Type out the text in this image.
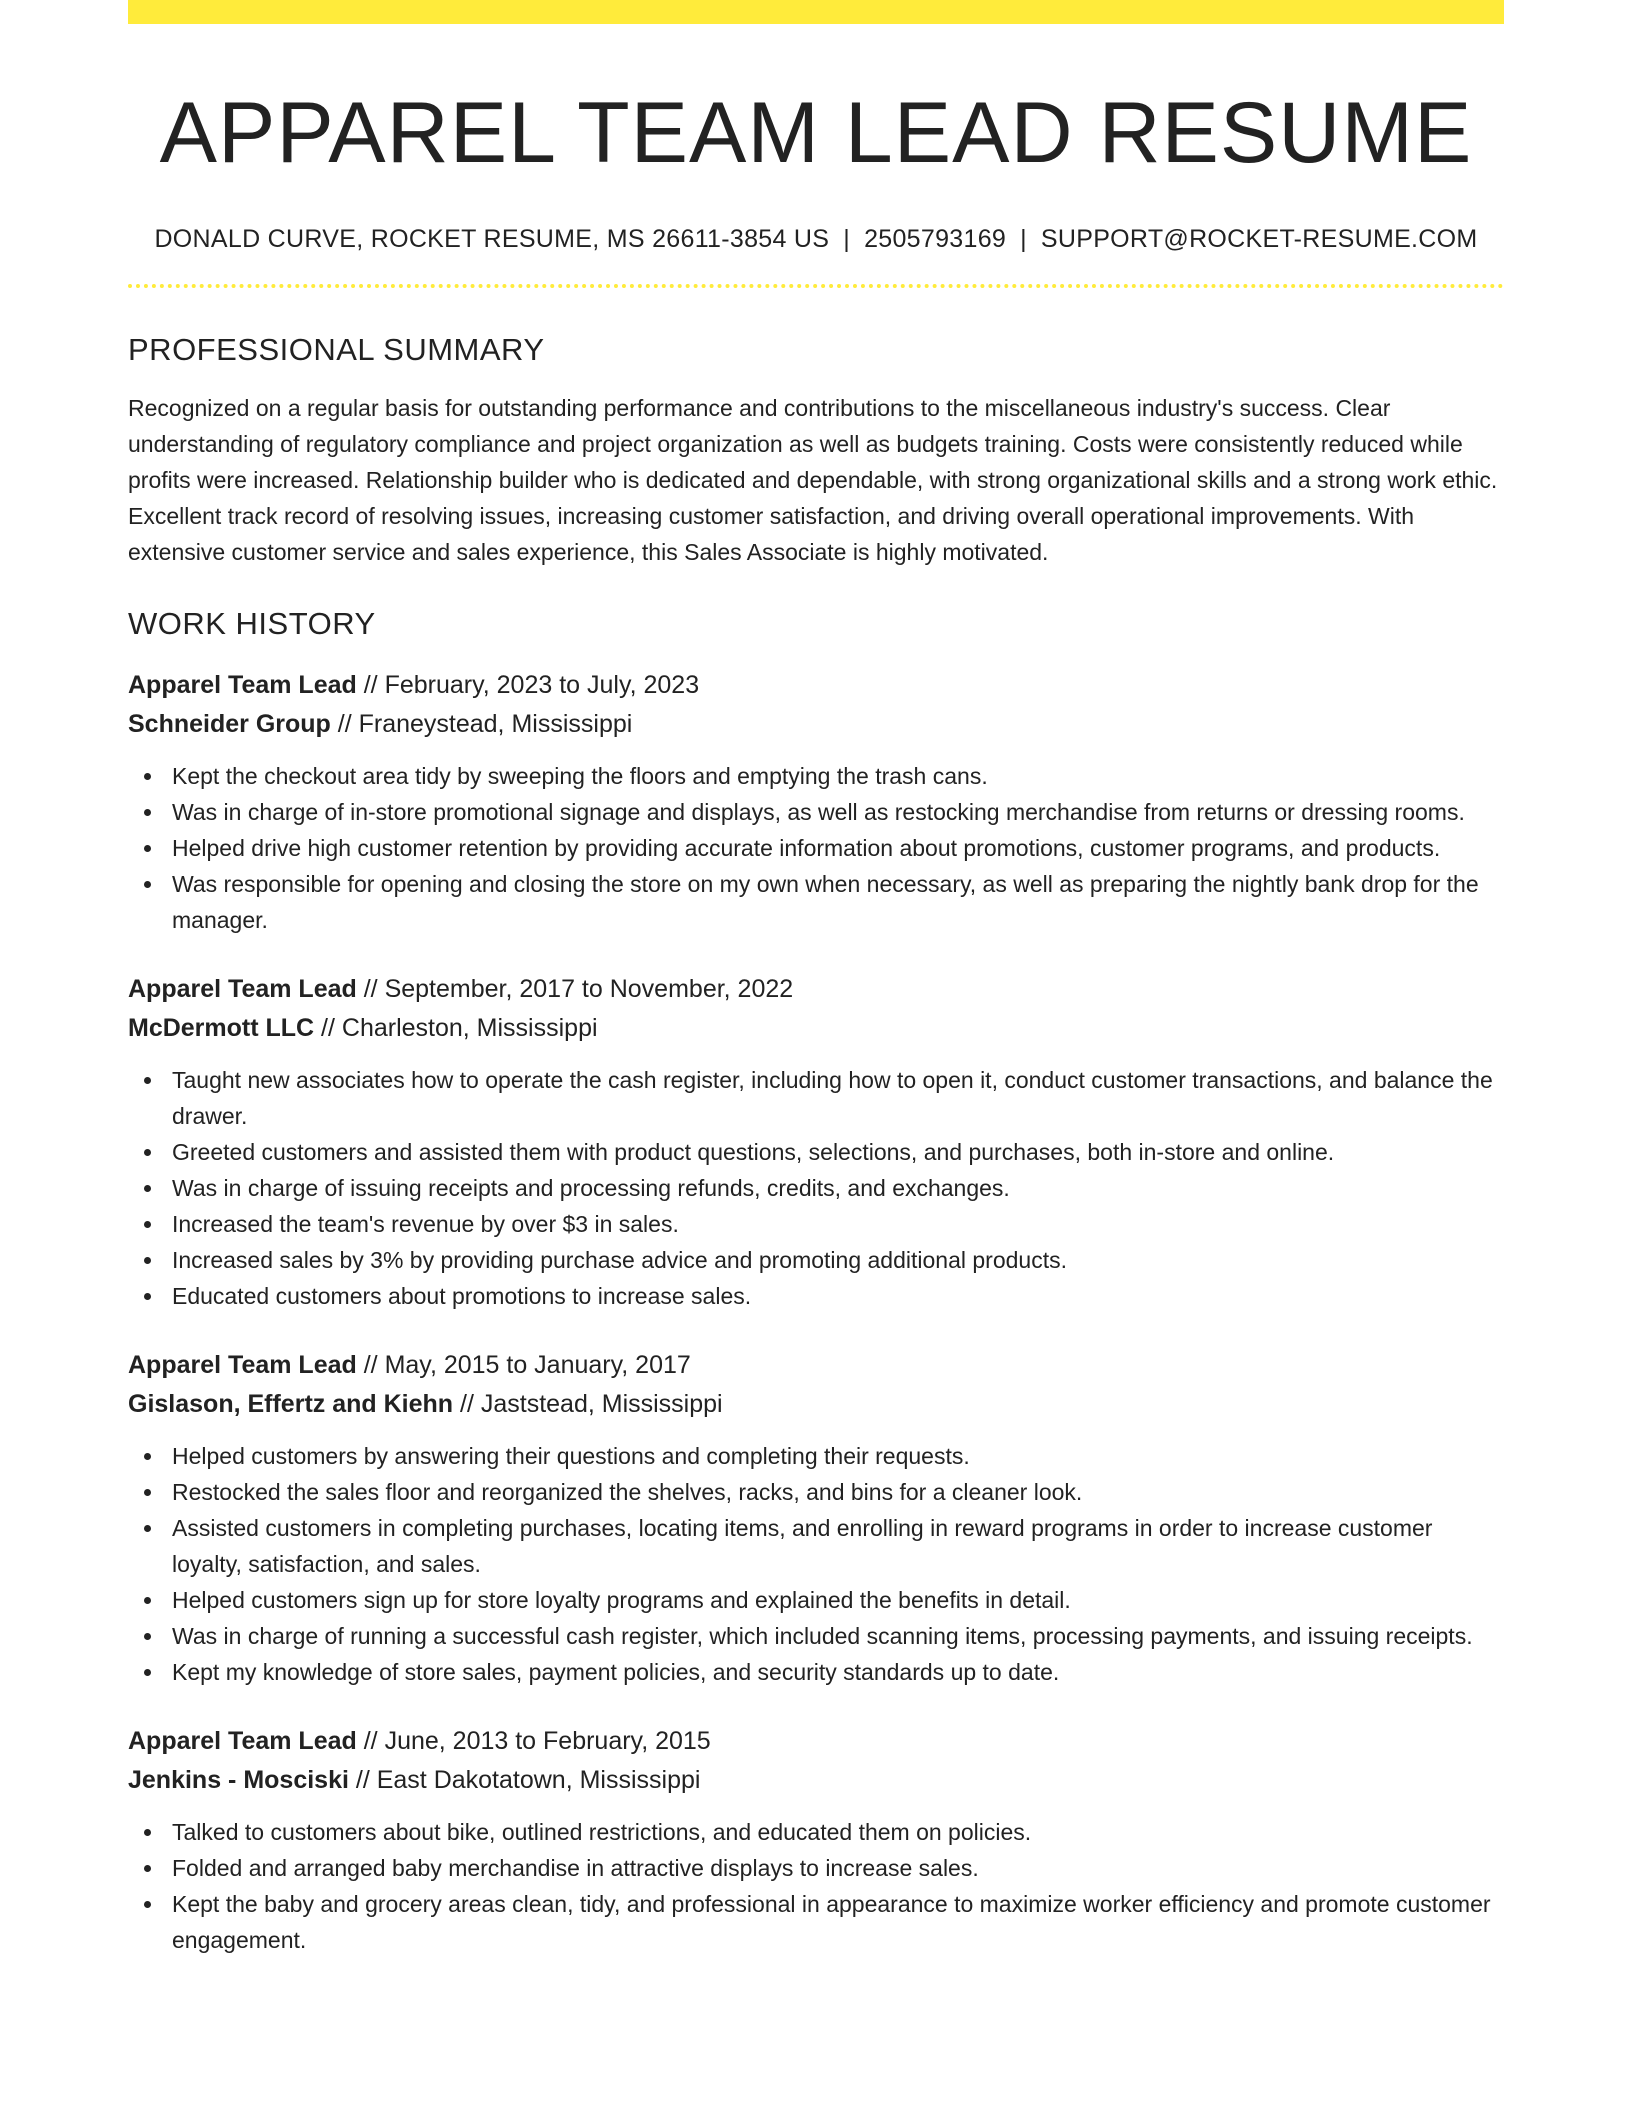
APPAREL TEAM LEAD RESUME
DONALD CURVE, ROCKET RESUME, MS 26611-3854 US | 2505793169 | SUPPORT@ROCKET-RESUME.COM
PROFESSIONAL SUMMARY
Recognized on a regular basis for outstanding performance and contributions to the miscellaneous industry's success. Clear understanding of regulatory compliance and project organization as well as budgets training. Costs were consistently reduced while profits were increased. Relationship builder who is dedicated and dependable, with strong organizational skills and a strong work ethic. Excellent track record of resolving issues, increasing customer satisfaction, and driving overall operational improvements. With extensive customer service and sales experience, this Sales Associate is highly motivated.
WORK HISTORY
Apparel Team Lead // February, 2023 to July, 2023
Schneider Group // Franeystead, Mississippi
Kept the checkout area tidy by sweeping the floors and emptying the trash cans.
Was in charge of in-store promotional signage and displays, as well as restocking merchandise from returns or dressing rooms.
Helped drive high customer retention by providing accurate information about promotions, customer programs, and products.
Was responsible for opening and closing the store on my own when necessary, as well as preparing the nightly bank drop for the manager.
Apparel Team Lead // September, 2017 to November, 2022
McDermott LLC // Charleston, Mississippi
Taught new associates how to operate the cash register, including how to open it, conduct customer transactions, and balance the drawer.
Greeted customers and assisted them with product questions, selections, and purchases, both in-store and online.
Was in charge of issuing receipts and processing refunds, credits, and exchanges.
Increased the team's revenue by over $3 in sales.
Increased sales by 3% by providing purchase advice and promoting additional products.
Educated customers about promotions to increase sales.
Apparel Team Lead // May, 2015 to January, 2017
Gislason, Effertz and Kiehn // Jaststead, Mississippi
Helped customers by answering their questions and completing their requests.
Restocked the sales floor and reorganized the shelves, racks, and bins for a cleaner look.
Assisted customers in completing purchases, locating items, and enrolling in reward programs in order to increase customer loyalty, satisfaction, and sales.
Helped customers sign up for store loyalty programs and explained the benefits in detail.
Was in charge of running a successful cash register, which included scanning items, processing payments, and issuing receipts.
Kept my knowledge of store sales, payment policies, and security standards up to date.
Apparel Team Lead // June, 2013 to February, 2015
Jenkins - Mosciski // East Dakotatown, Mississippi
Talked to customers about bike, outlined restrictions, and educated them on policies.
Folded and arranged baby merchandise in attractive displays to increase sales.
Kept the baby and grocery areas clean, tidy, and professional in appearance to maximize worker efficiency and promote customer engagement.
